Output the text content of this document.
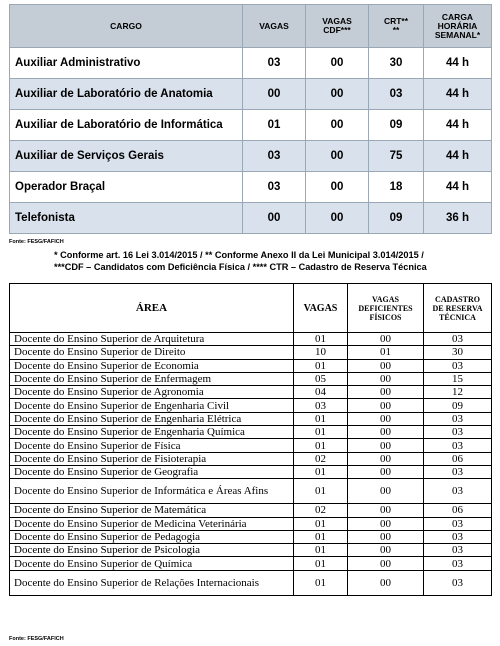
CARGO	VAGAS	VAGAS CDF***	CRT** **	CARGA HORÁRIA SEMANAL*
Auxiliar Administrativo	03	00	30	44 h
Auxiliar de Laboratório de Anatomia	00	00	03	44 h
Auxiliar de Laboratório de Informática	01	00	09	44 h
Auxiliar de Serviços Gerais	03	00	75	44 h
Operador Braçal	03	00	18	44 h
Telefonista	00	00	09	36 h
Fonte: FESG/FAFICH
* Conforme art. 16 Lei 3.014/2015 / ** Conforme Anexo II da Lei Municipal 3.014/2015 /
***CDF – Candidatos com Deficiência Física / **** CTR – Cadastro de Reserva Técnica
ÁREA	VAGAS	VAGAS DEFICIENTES FÍSICOS	CADASTRO DE RESERVA TÉCNICA
Docente do Ensino Superior de Arquitetura	01	00	03
Docente do Ensino Superior de Direito	10	01	30
Docente do Ensino Superior de Economia	01	00	03
Docente do Ensino Superior de Enfermagem	05	00	15
Docente do Ensino Superior de Agronomia	04	00	12
Docente do Ensino Superior de Engenharia Civil	03	00	09
Docente do Ensino Superior de Engenharia Elétrica	01	00	03
Docente do Ensino Superior de Engenharia Química	01	00	03
Docente do Ensino Superior de Física	01	00	03
Docente do Ensino Superior de Fisioterapia	02	00	06
Docente do Ensino Superior de Geografia	01	00	03
Docente do Ensino Superior de Informática e Áreas Afins	01	00	03
Docente do Ensino Superior de Matemática	02	00	06
Docente do Ensino Superior de Medicina Veterinária	01	00	03
Docente do Ensino Superior de Pedagogia	01	00	03
Docente do Ensino Superior de Psicologia	01	00	03
Docente do Ensino Superior de Química	01	00	03
Docente do Ensino Superior de Relações Internacionais	01	00	03
Fonte: FESG/FAFICH
